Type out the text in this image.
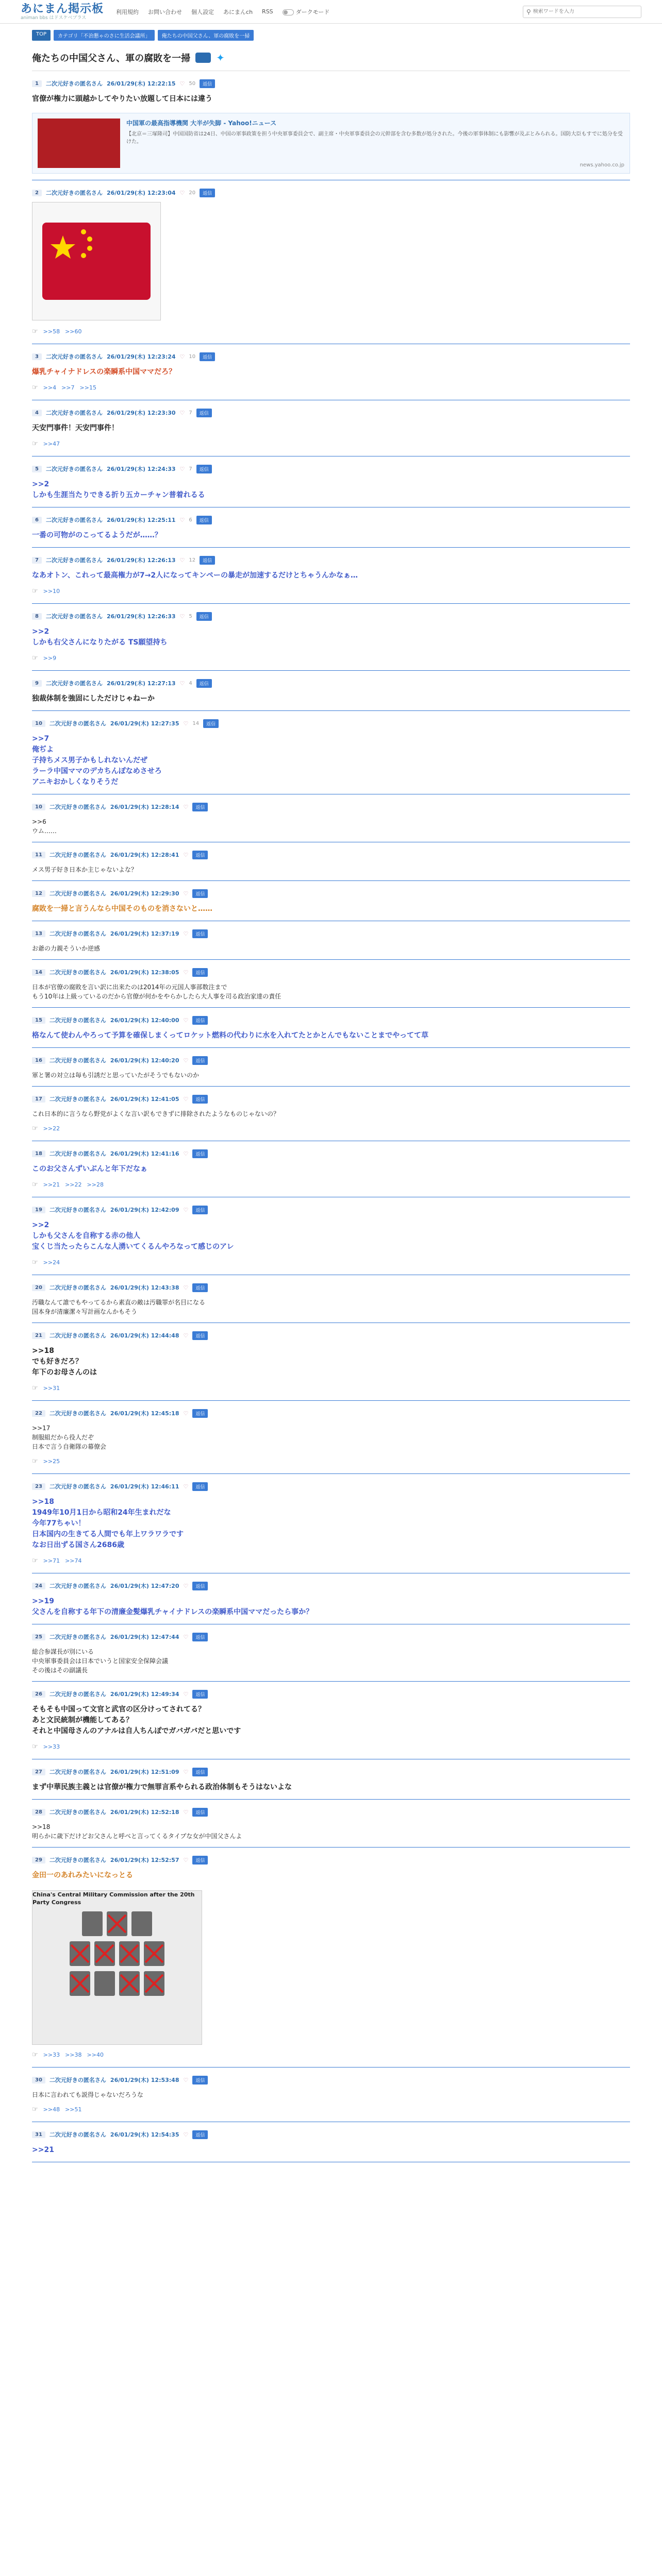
あにまん掲示板
animan bbs はドスケベプラス
利用規約 お問い合わせ 個人設定 あにまんch RSS	ダークモード	⚲
検索ワードを入力
TOP	カテゴリ「不治懇ゃのさに生活会議所」	俺たちの中国父さん、軍の腐敗を一掃
俺たちの中国父さん、軍の腐敗を一掃	✦
1	二次元好きの匿名さん 26/01/29(木) 12:22:15 ♡ 50	返信
官僚が権力に頭越かしてやりたい放題して日本には違う
中国軍の最高指導機関 大半が失脚 - Yahoo!ニュース
【北京＝三塚隆司】中国国防省は24日、中国の軍事政策を担う中央軍事委員会で、副主席・中央軍事委員会の元幹部を含む多数が処分された。今後の軍事体制にも影響が及ぶとみられる。国防大臣もすでに処分を受けた。
news.yahoo.co.jp
2	二次元好きの匿名さん 26/01/29(木) 12:23:04 ♡ 20	返信
☞ >>58 >>60
3	二次元好きの匿名さん 26/01/29(木) 12:23:24 ♡ 10	返信
爆乳チャイナドレスの楽瞬系中国ママだろ？
☞ >>4 >>7 >>15
4	二次元好きの匿名さん 26/01/29(木) 12:23:30 ♡ 7	返信
天安門事件！天安門事件！
☞ >>47
5	二次元好きの匿名さん 26/01/29(木) 12:24:33 ♡ 7	返信
>>2
しかも生涯当たりできる折り五カーチャン普着れるる
6	二次元好きの匿名さん 26/01/29(木) 12:25:11 ♡ 6	返信
一番の可物がのこってるようだが……？
7	二次元好きの匿名さん 26/01/29(木) 12:26:13 ♡ 12	返信
なあオトン、これって最高権力が7→2人になってキンペーの暴走が加速するだけとちゃうんかなぁ…
☞ >>10
8	二次元好きの匿名さん 26/01/29(木) 12:26:33 ♡ 5	返信
>>2
しかも右父さんになりたがる TS願望持ち
☞ >>9
9	二次元好きの匿名さん 26/01/29(木) 12:27:13 ♡ 4	返信
独裁体制を強固にしただけじゃねーか
10	二次元好きの匿名さん 26/01/29(木) 12:27:35 ♡ 14	返信
>>7
俺ぢよ
子持ちメス男子かもしれないんだぜ
ラーラ中国ママのデカちんぽなめさせろ
アニキおかしくなりそうだ
10	二次元好きの匿名さん 26/01/29(木) 12:28:14 ♡	返信
>>6
ウム……
11	二次元好きの匿名さん 26/01/29(木) 12:28:41 ♡	返信
メス男子好き日本か主じゃないよな？
12	二次元好きの匿名さん 26/01/29(木) 12:29:30 ♡	返信
腐敗を一掃と言うんなら中国そのものを消さないと……
13	二次元好きの匿名さん 26/01/29(木) 12:37:19 ♡	返信
お爺の力親そういか逆感
14	二次元好きの匿名さん 26/01/29(木) 12:38:05 ♡	返信
日本が官僚の腐敗を言い訳に出来たのは2014年の元国人事部数注まで
もう10年は上級っているのだから官僚が何かをやらかしたら大人事を司る政治家達の責任
15	二次元好きの匿名さん 26/01/29(木) 12:40:00 ♡	返信
格なんて使わんやろって予算を確保しまくってロケット燃料の代わりに水を入れてたとかとんでもないことまでやってて草
16	二次元好きの匿名さん 26/01/29(木) 12:40:20 ♡	返信
軍と署の対立は毎も引誘だと思っていたがそうでもないのか
17	二次元好きの匿名さん 26/01/29(木) 12:41:05 ♡	返信
これ日本的に言うなら野党がよくな言い訳もできずに排除されたようなものじゃないの？
☞ >>22
18	二次元好きの匿名さん 26/01/29(木) 12:41:16 ♡	返信
このお父さんずいぶんと年下だなぁ
☞ >>21 >>22 >>28
19	二次元好きの匿名さん 26/01/29(木) 12:42:09 ♡	返信
>>2
しかも父さんを自称する赤の他人
宝くじ当たったらこんな人湧いてくるんやろなって感じのアレ
☞ >>24
20	二次元好きの匿名さん 26/01/29(木) 12:43:38 ♡	返信
汚職なんて誰でもやってるから素直の敵は汚職罪が名目になる
国本身が清廉潔々写計画なんかもそう
21	二次元好きの匿名さん 26/01/29(木) 12:44:48 ♡	返信
>>18
でも好きだろ？
年下のお母さんのは
☞ >>31
22	二次元好きの匿名さん 26/01/29(木) 12:45:18 ♡	返信
>>17
制服組だから役人だぞ
日本で言う自衛隊の幕僚会
☞ >>25
23	二次元好きの匿名さん 26/01/29(木) 12:46:11 ♡	返信
>>18
1949年10月1日から昭和24年生まれだな
今年77ちゃい！
日本国内の生きてる人間でも年上ワラワラです
なお日出ずる国さん2686歳
☞ >>71 >>74
24	二次元好きの匿名さん 26/01/29(木) 12:47:20 ♡	返信
>>19
父さんを自称する年下の清廉金髪爆乳チャイナドレスの楽瞬系中国ママだったら事か？
25	二次元好きの匿名さん 26/01/29(木) 12:47:44 ♡	返信
総合参謀長が別にいる
中央軍事委員会は日本でいうと国家安全保障会議
その後はその副議長
26	二次元好きの匿名さん 26/01/29(木) 12:49:34 ♡	返信
そもそも中国って文官と武官の区分けってされてる？
あと文民統制が機能してある？
それと中国母さんのアナルは自人ちんぽでガバガバだと思いです
☞ >>33
27	二次元好きの匿名さん 26/01/29(木) 12:51:09 ♡	返信
まず中華民族主義とは官僚が権力で無罪言系やられる政治体制もそうはないよな
28	二次元好きの匿名さん 26/01/29(木) 12:52:18 ♡	返信
>>18
明らかに歳下だけどお父さんと呼べと言ってくるタイプな女が中国父さんよ
29	二次元好きの匿名さん 26/01/29(木) 12:52:57 ♡	返信
金田一のあれみたいになっとる
China's Central Military Commission after the 20th Party Congress
☞ >>33 >>38 >>40
30	二次元好きの匿名さん 26/01/29(木) 12:53:48 ♡	返信
日本に言われても説得じゃないだろうな
☞ >>48 >>51
31	二次元好きの匿名さん 26/01/29(木) 12:54:35 ♡	返信
>>21
